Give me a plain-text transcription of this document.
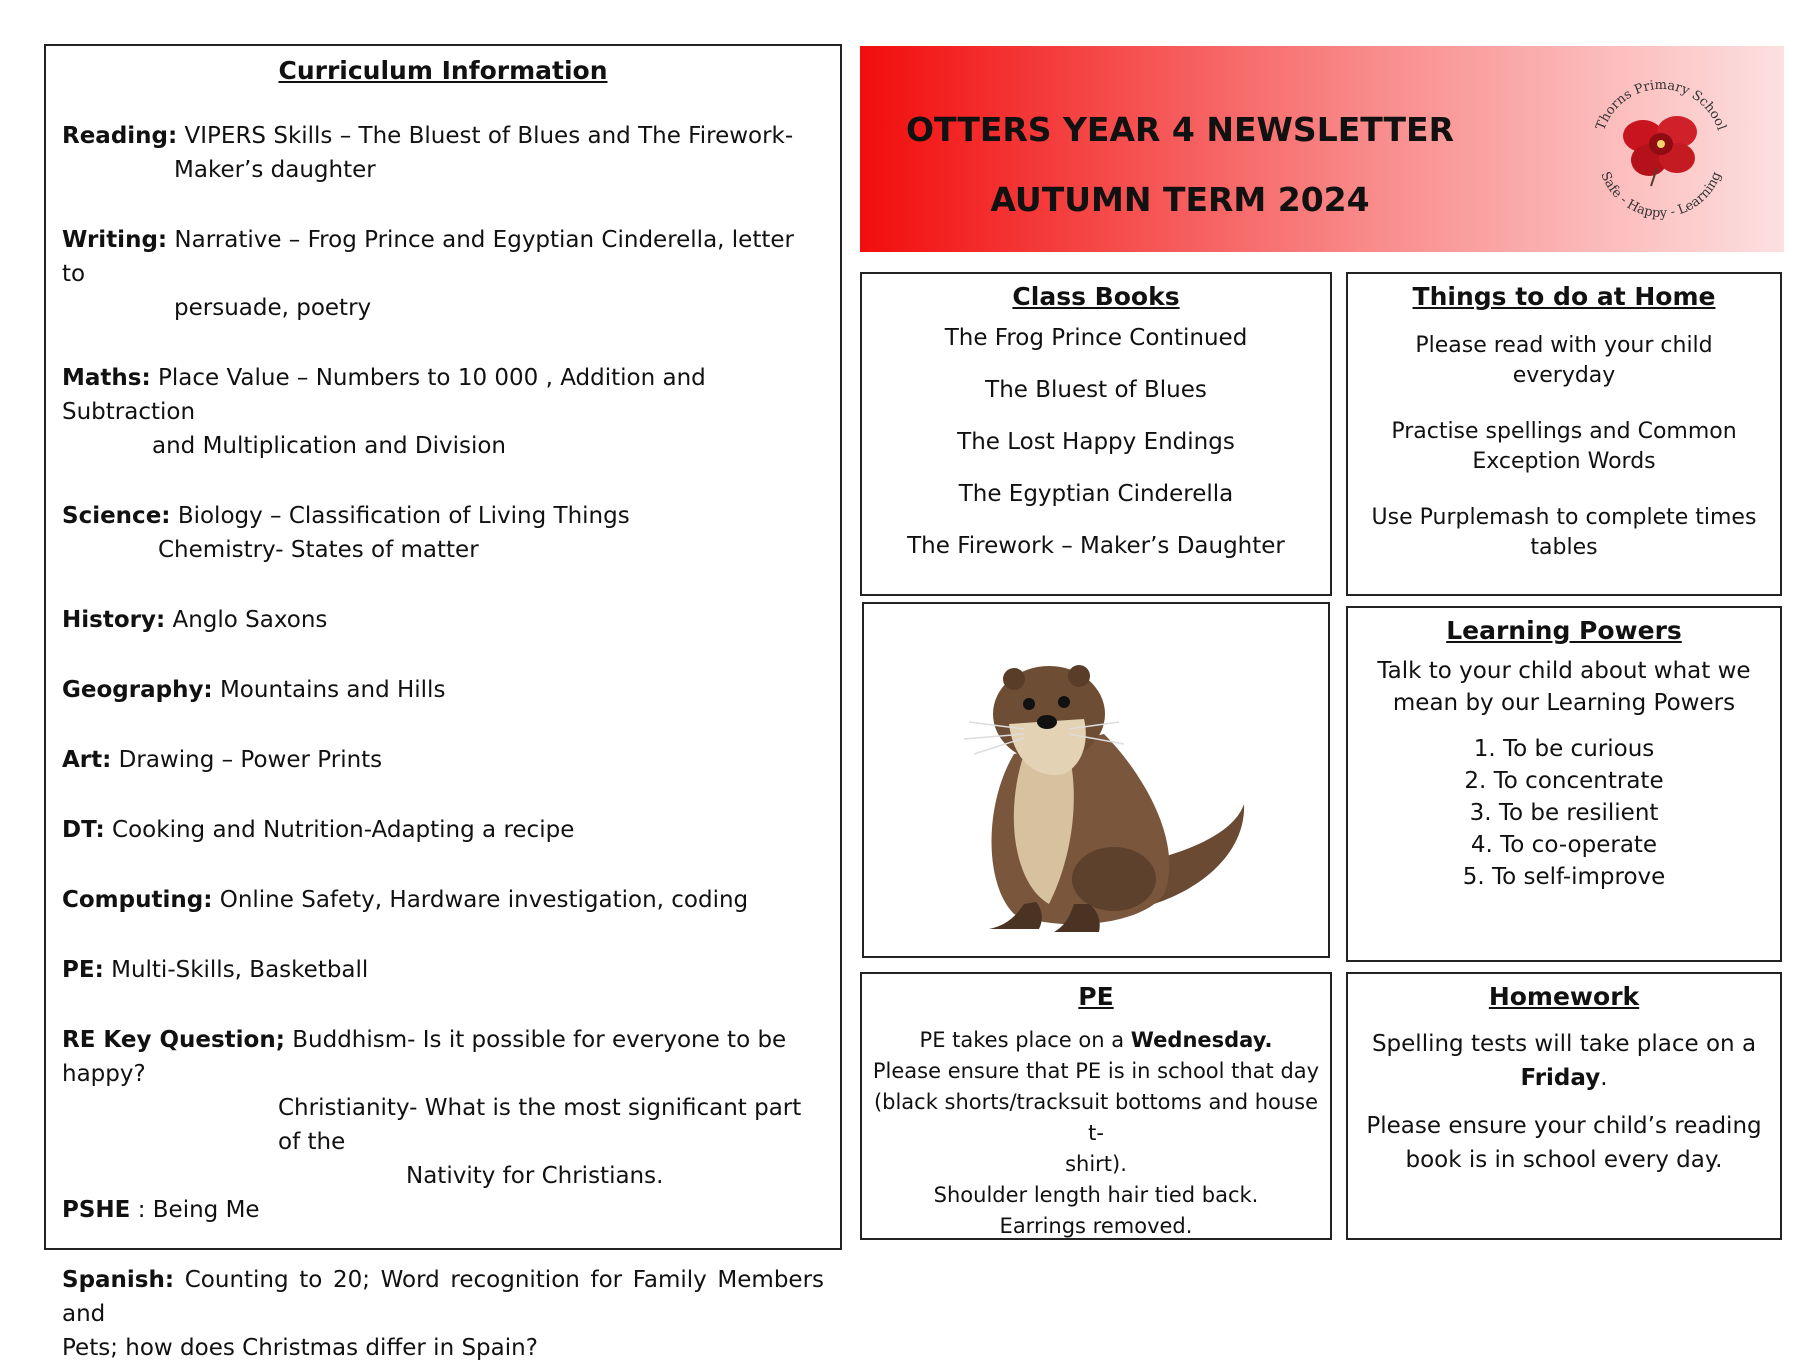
Curriculum Information
Reading: VIPERS Skills – The Bluest of Blues and The Firework-
Maker’s daughter
Writing: Narrative – Frog Prince and Egyptian Cinderella, letter to
persuade, poetry
Maths: Place Value – Numbers to 10 000 , Addition and Subtraction
and Multiplication and Division
Science: Biology – Classification of Living Things
Chemistry- States of matter
History: Anglo Saxons
Geography: Mountains and Hills
Art: Drawing – Power Prints
DT: Cooking and Nutrition-Adapting a recipe
Computing: Online Safety, Hardware investigation, coding
PE: Multi-Skills, Basketball
RE Key Question; Buddhism- Is it possible for everyone to be happy?
Christianity- What is the most significant part of the
Nativity for Christians.
PSHE : Being Me
Spanish: Counting to 20; Word recognition for Family Members and
Pets; how does Christmas differ in Spain?
OTTERS YEAR 4 NEWSLETTER
AUTUMN TERM 2024
Thorns Primary School
Safe - Happy - Learning
Class Books

The Frog Prince Continued

The Bluest of Blues

The Lost Happy Endings

The Egyptian Cinderella

The Firework – Maker’s Daughter

Things to do at Home
Please read with your child everyday
Practise spellings and Common Exception Words
Use Purplemash to complete times tables
Learning Powers
Talk to your child about what we mean by our Learning Powers
1. To be curious
2. To concentrate
3. To be resilient
4. To co-operate
5. To self-improve
PE
PE takes place on a Wednesday.
Please ensure that PE is in school that day
(black shorts/tracksuit bottoms and house t-
shirt).
Shoulder length hair tied back.
Earrings removed.
Homework
Spelling tests will take place on a
Friday.
Please ensure your child’s reading book is in school every day.
